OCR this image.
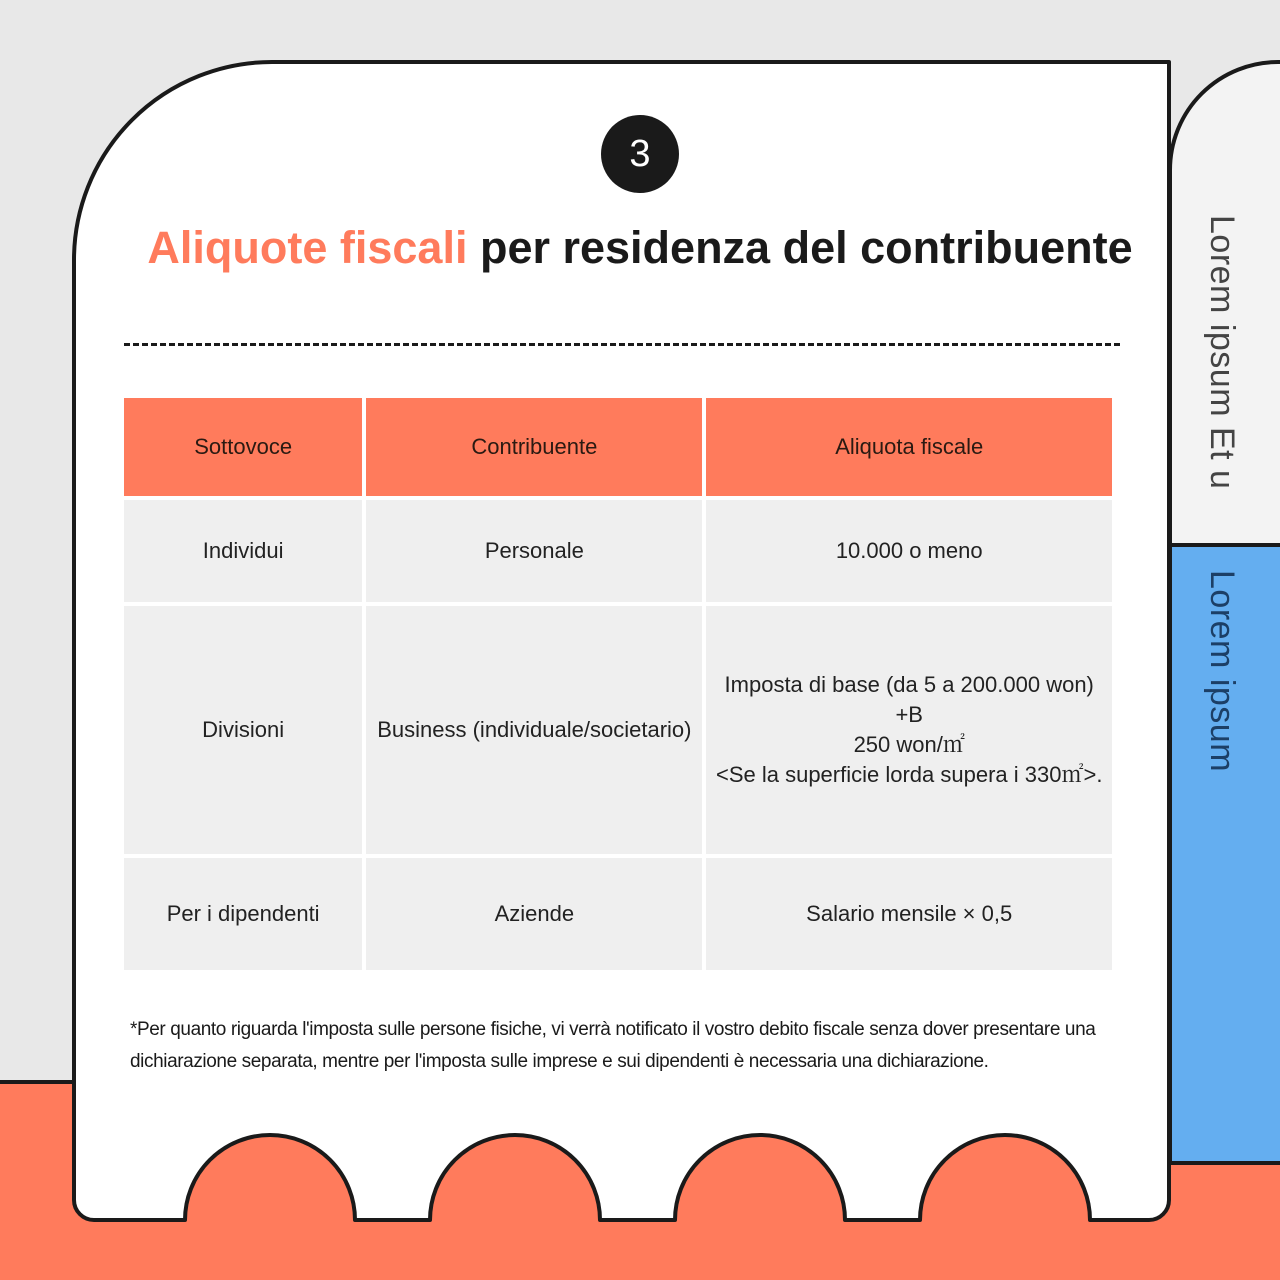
Lorem ipsum Et u
Lorem ipsum
3
Aliquote fiscali per residenza del contribuente
Sottovoce	Contribuente	Aliquota fiscale
Individui	Personale	10.000 o meno

Divisioni	Business (individuale/societario)	Imposta di base (da 5 a 200.000 won)
+B
250 won/㎡
<Se la superficie lorda supera i 330㎡>.

Per i dipendenti	Aziende	Salario mensile × 0,5
*Per quanto riguarda l'imposta sulle persone fisiche, vi verrà notificato il vostro debito fiscale senza dover presentare una dichiarazione separata, mentre per l'imposta sulle imprese e sui dipendenti è necessaria una dichiarazione.
